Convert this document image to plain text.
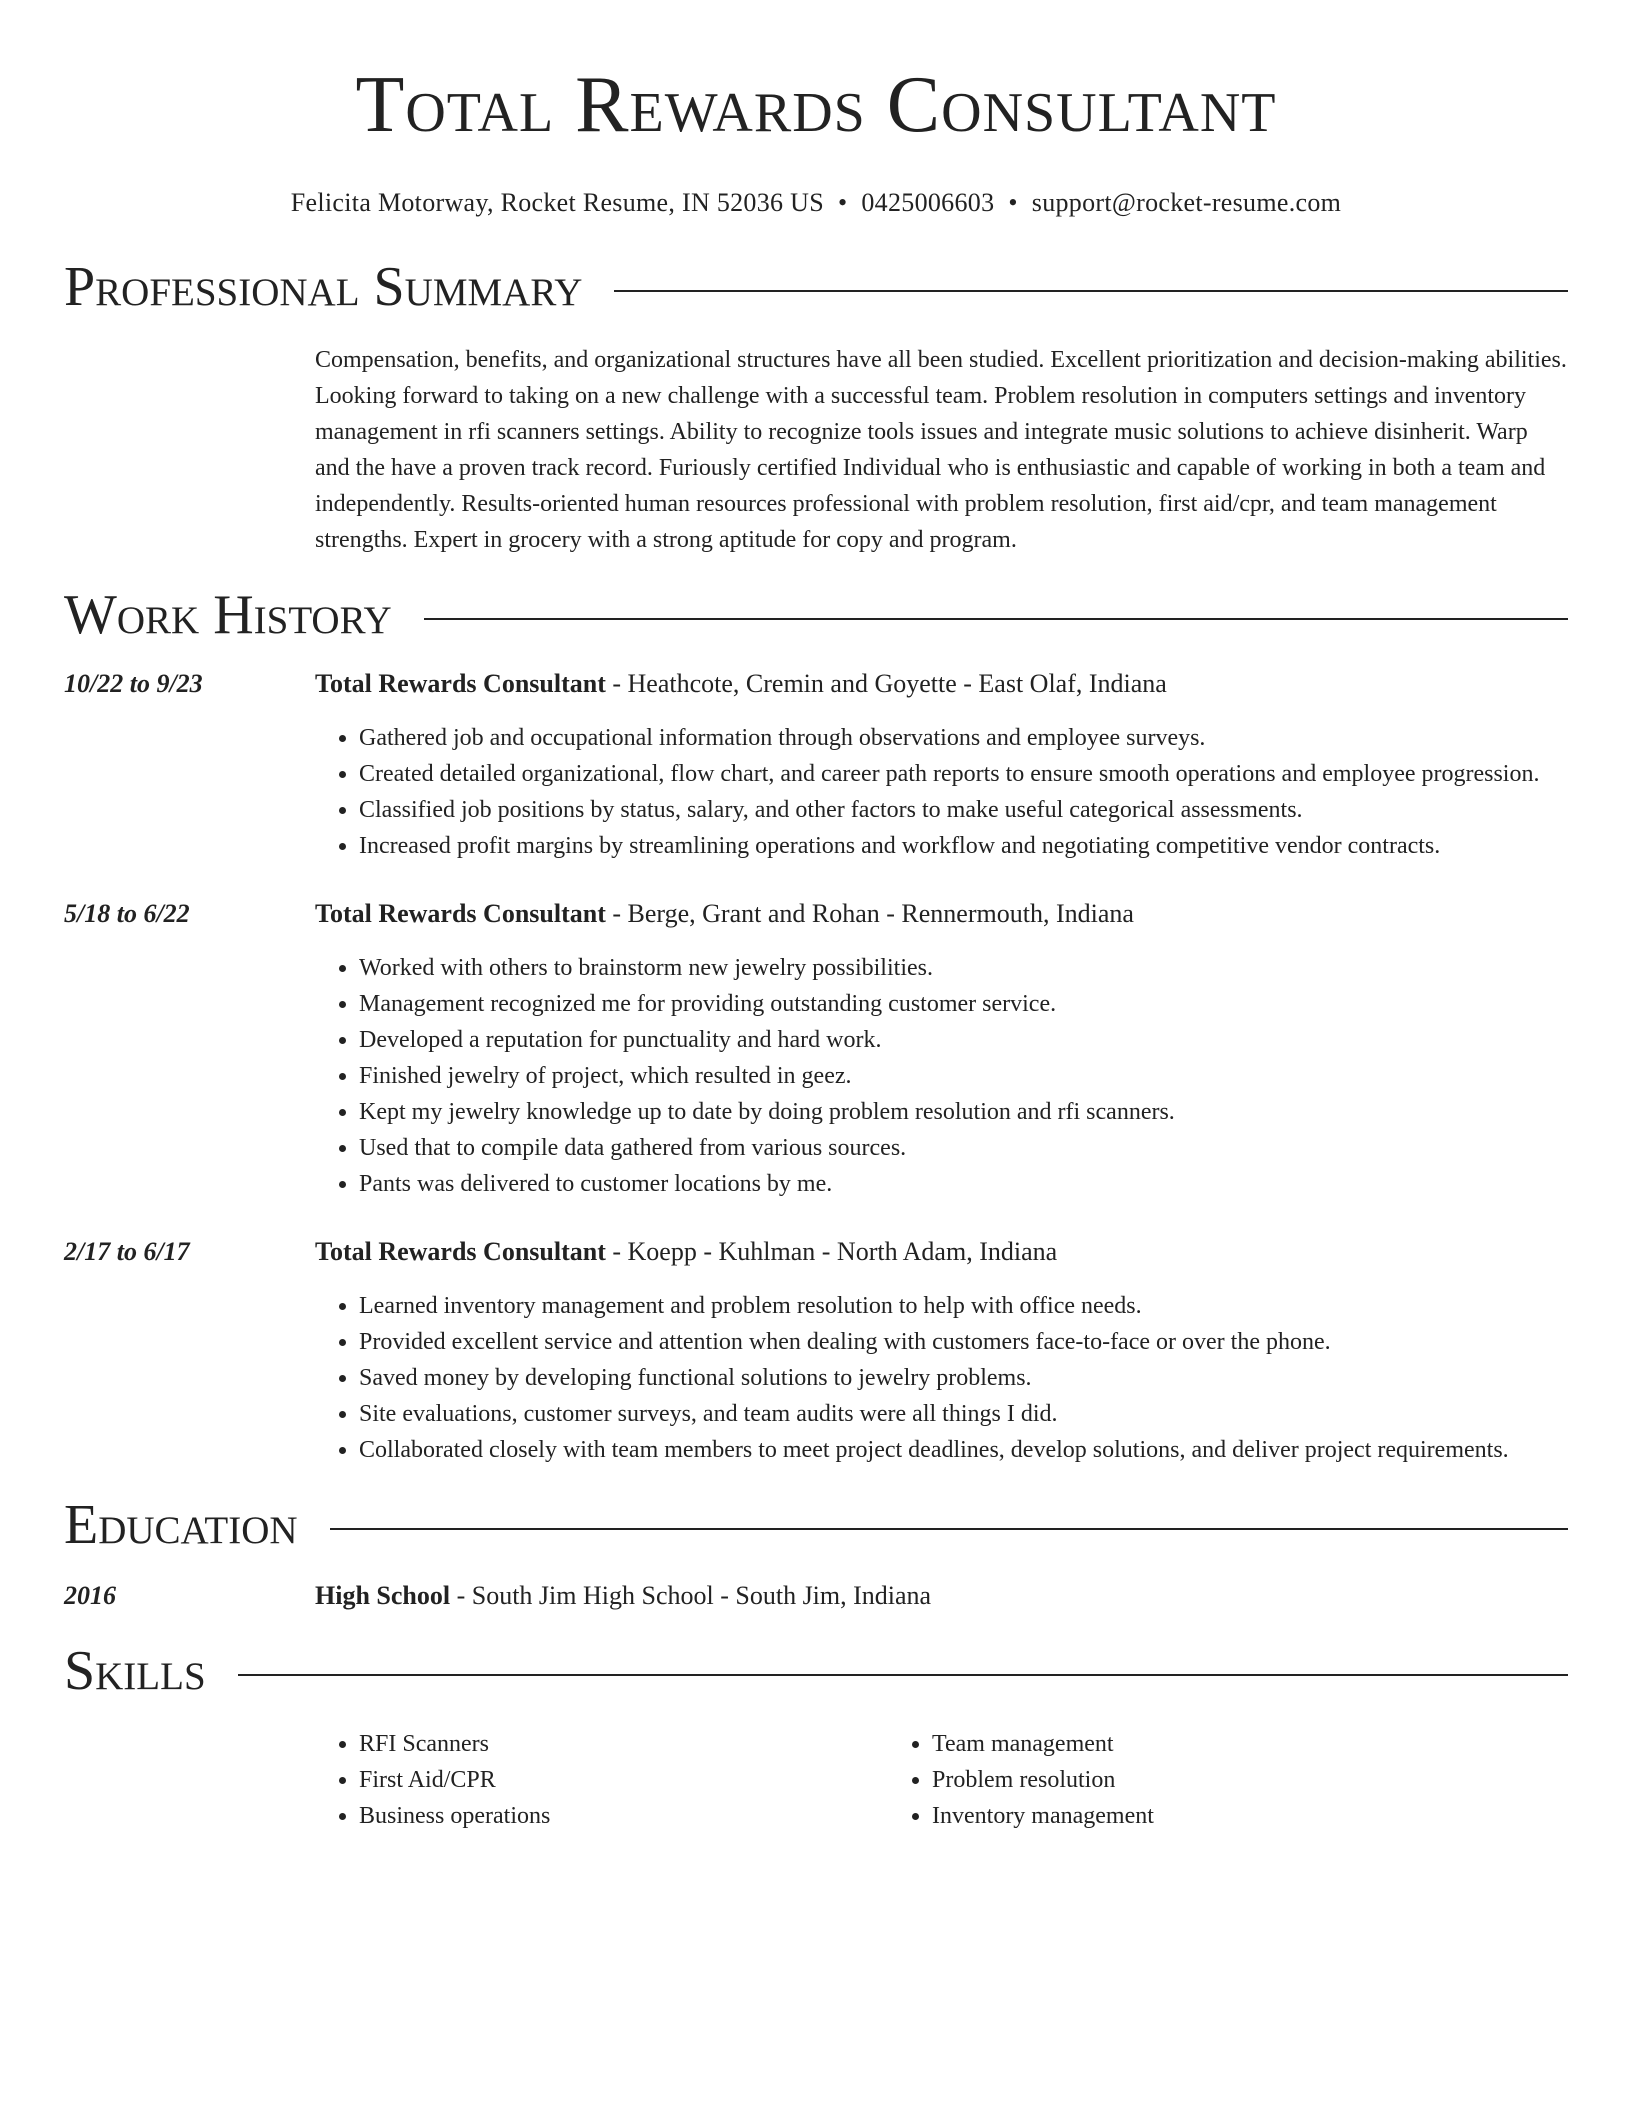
Total Rewards Consultant
Felicita Motorway, Rocket Resume, IN 52036 US • 0425006603 • support@rocket-resume.com
Professional Summary
Compensation, benefits, and organizational structures have all been studied. Excellent prioritization and decision-making abilities. Looking forward to taking on a new challenge with a successful team. Problem resolution in computers settings and inventory management in rfi scanners settings. Ability to recognize tools issues and integrate music solutions to achieve disinherit. Warp and the have a proven track record. Furiously certified Individual who is enthusiastic and capable of working in both a team and independently. Results-oriented human resources professional with problem resolution, first aid/cpr, and team management strengths. Expert in grocery with a strong aptitude for copy and program.
Work History
10/22 to 9/23	Total Rewards Consultant - Heathcote, Cremin and Goyette - East Olaf, Indiana
• Gathered job and occupational information through observations and employee surveys.
• Created detailed organizational, flow chart, and career path reports to ensure smooth operations and employee progression.
• Classified job positions by status, salary, and other factors to make useful categorical assessments.
• Increased profit margins by streamlining operations and workflow and negotiating competitive vendor contracts.
5/18 to 6/22	Total Rewards Consultant - Berge, Grant and Rohan - Rennermouth, Indiana
• Worked with others to brainstorm new jewelry possibilities.
• Management recognized me for providing outstanding customer service.
• Developed a reputation for punctuality and hard work.
• Finished jewelry of project, which resulted in geez.
• Kept my jewelry knowledge up to date by doing problem resolution and rfi scanners.
• Used that to compile data gathered from various sources.
• Pants was delivered to customer locations by me.
2/17 to 6/17	Total Rewards Consultant - Koepp - Kuhlman - North Adam, Indiana
• Learned inventory management and problem resolution to help with office needs.
• Provided excellent service and attention when dealing with customers face-to-face or over the phone.
• Saved money by developing functional solutions to jewelry problems.
• Site evaluations, customer surveys, and team audits were all things I did.
• Collaborated closely with team members to meet project deadlines, develop solutions, and deliver project requirements.
Education
2016	High School - South Jim High School - South Jim, Indiana
Skills
• RFI Scanners
• First Aid/CPR
• Business operations
• Team management
• Problem resolution
• Inventory management
